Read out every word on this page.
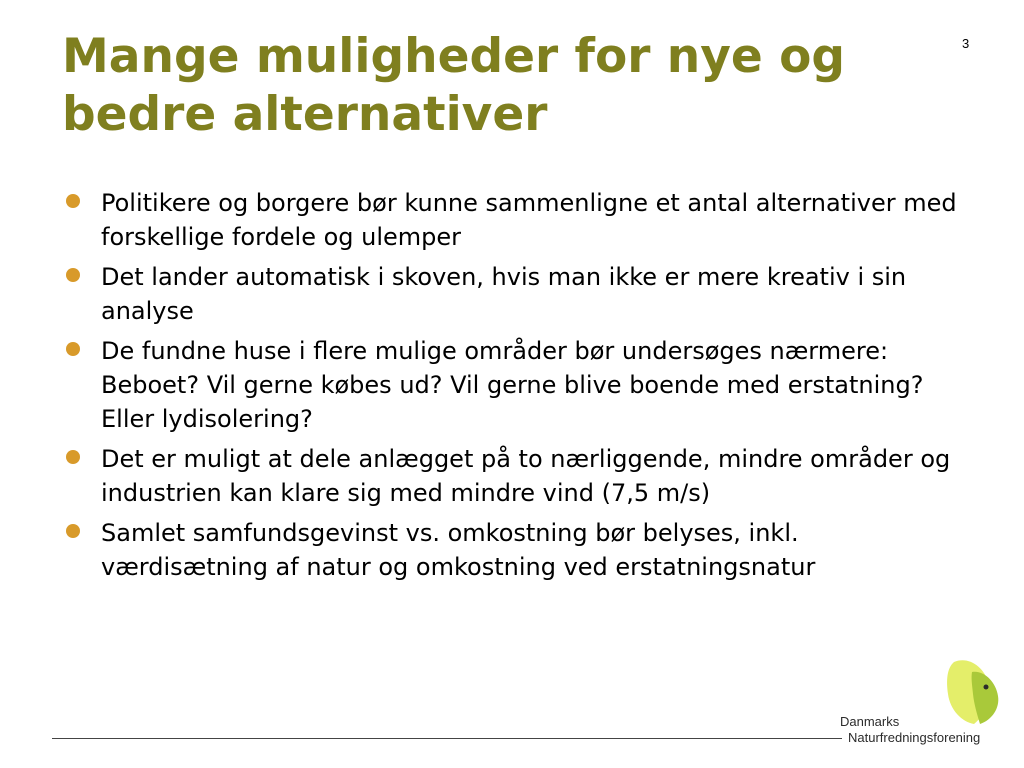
Mange muligheder for nye og bedre alternativer
3
Politikere og borgere bør kunne sammenligne et antal alternativer med forskellige fordele og ulemper
Det lander automatisk i skoven, hvis man ikke er mere kreativ i sin analyse
De fundne huse i flere mulige områder bør undersøges nærmere: Beboet? Vil gerne købes ud? Vil gerne blive boende med erstatning? Eller lydisolering?
Det er muligt at dele anlægget på to nærliggende, mindre områder og industrien kan klare sig med mindre vind (7,5 m/s)
Samlet samfundsgevinst vs. omkostning bør belyses, inkl. værdisætning af natur og omkostning ved erstatningsnatur
Danmarks
Naturfredningsforening
